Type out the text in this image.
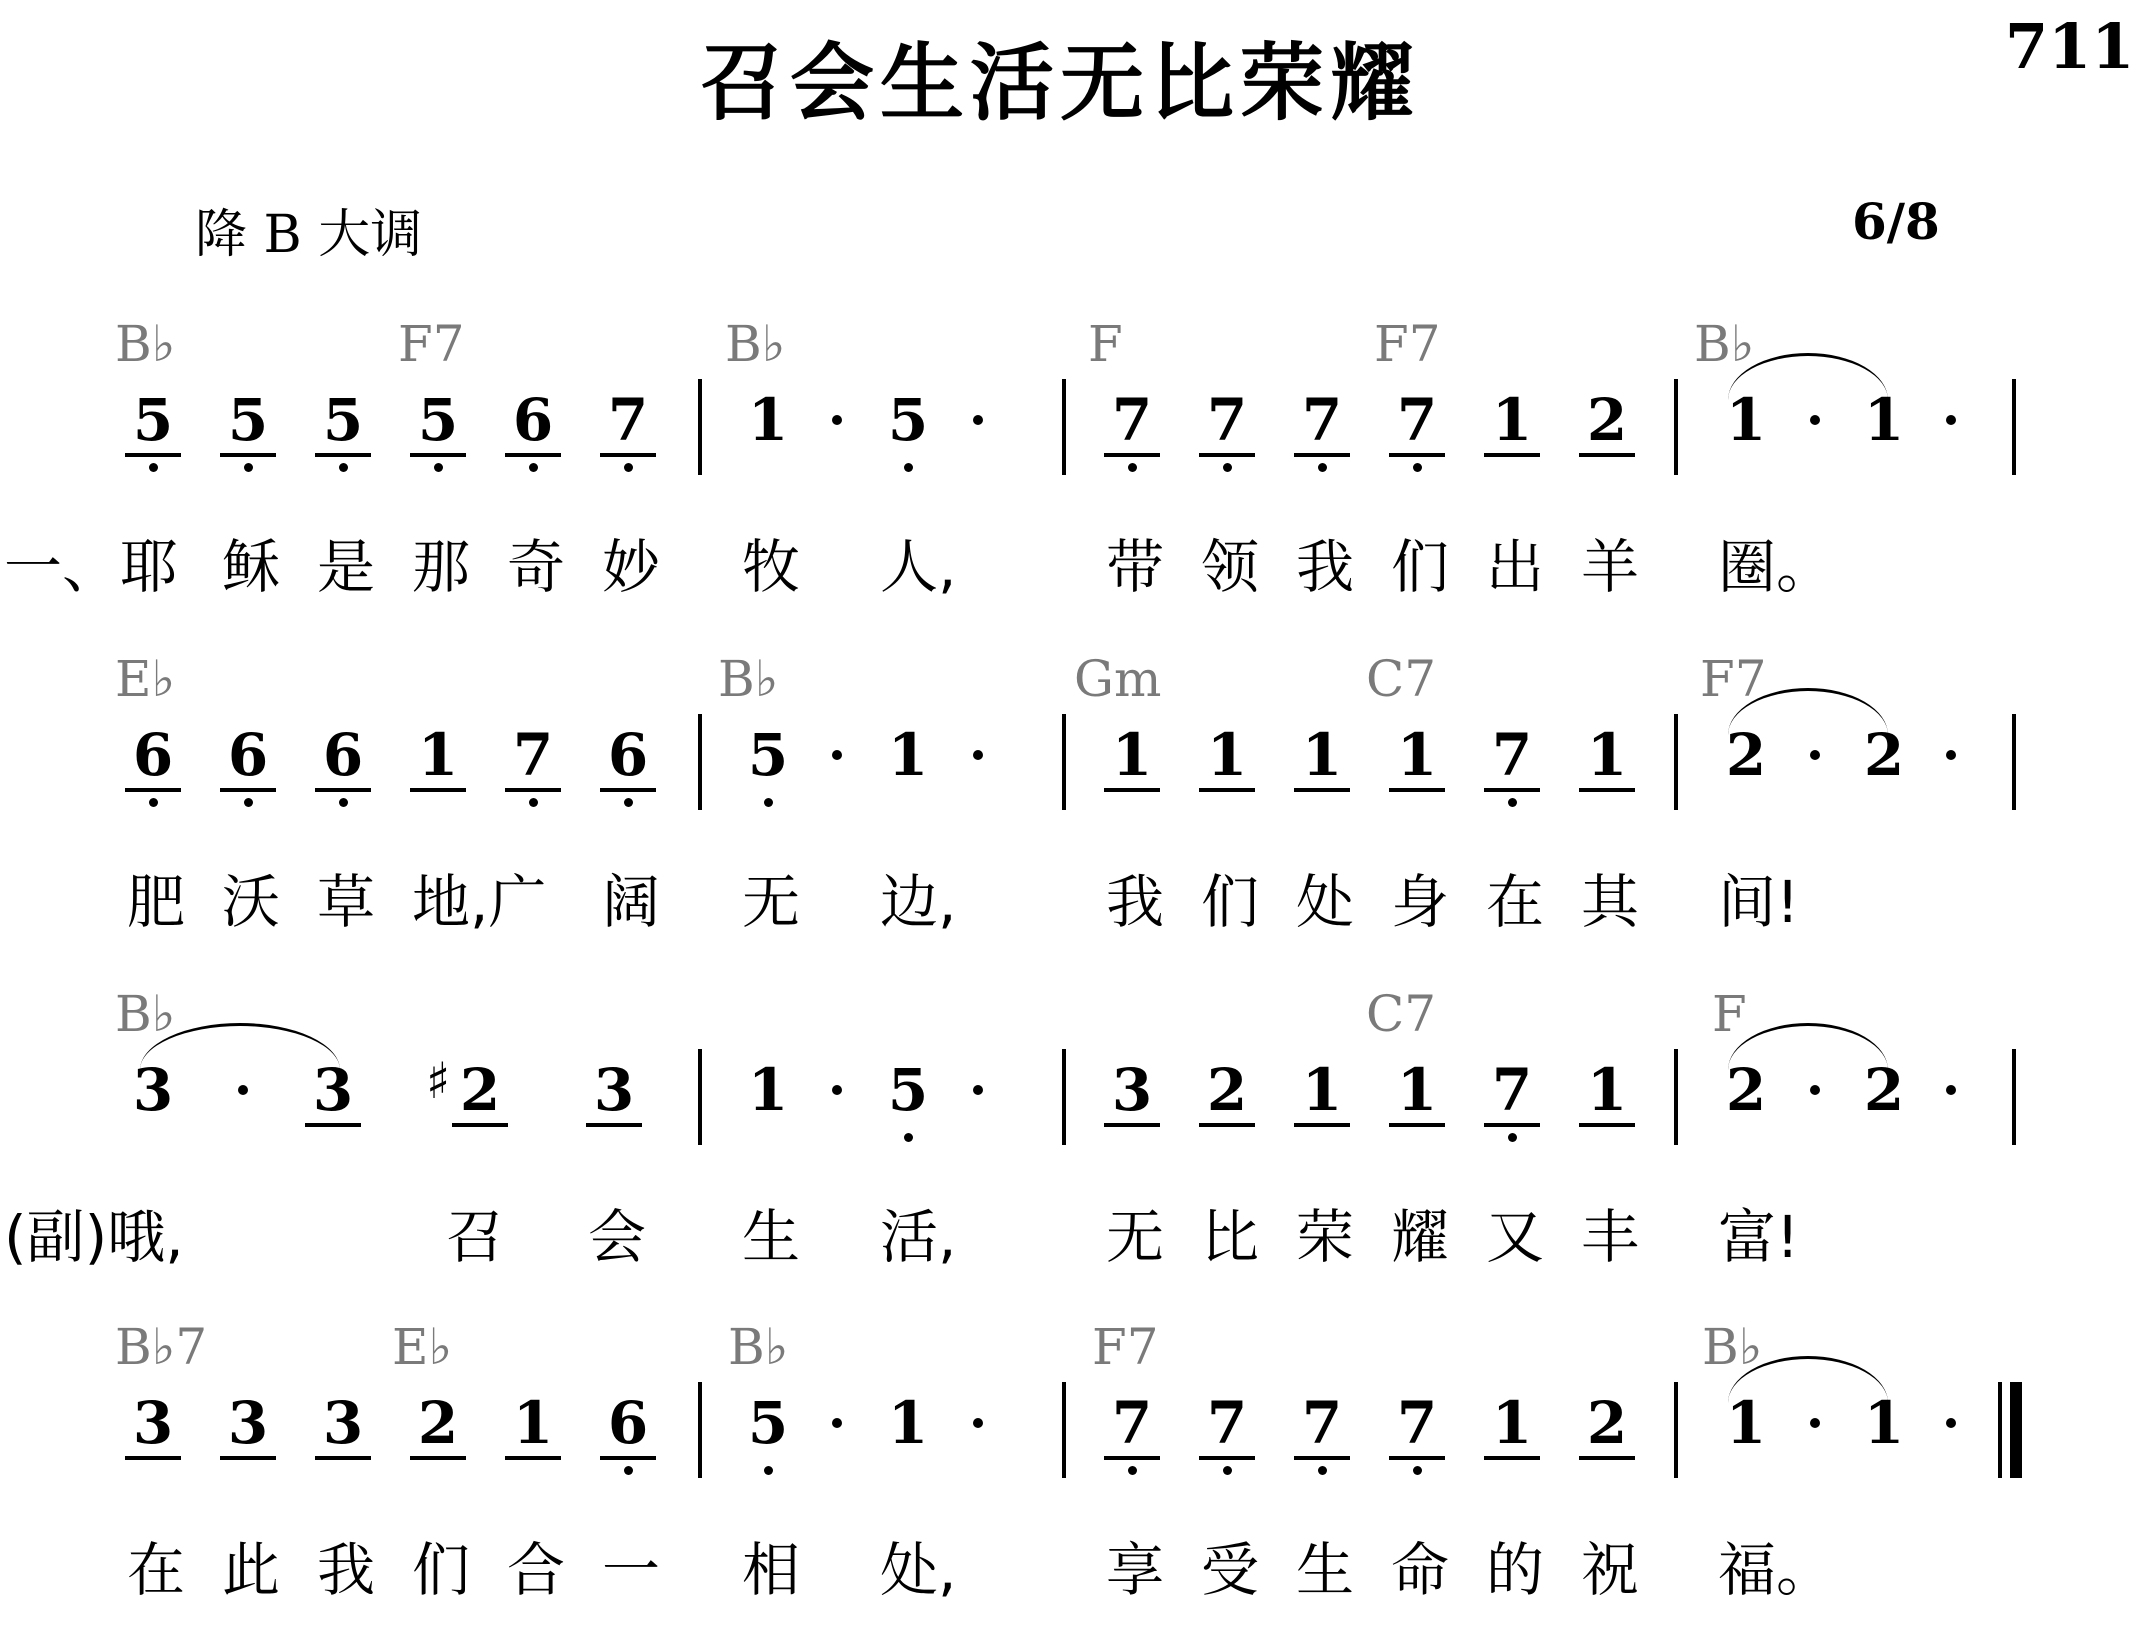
召会生活无比荣耀	711
降 B 大调	6/8
B♭	F7	B♭	F	F7	B♭
5 5 5 5 6 7 1 5	7 7 7 7 1 2 1 1
一、耶 稣 是 那 奇 妙 牧 人,	带 领 我 们 出 羊 圈。
E♭	B♭	Gm	C7	F7
6 6 6 1 7 6 5 1	1 1 1 1 7 1 2 2
肥 沃 草 地,广 阔 无 边,	我 们 处 身 在 其 间!
B♭	C7	F
3 3 ♯ 2 3 1 5	3 2 1 1 7 1 2 2
(副)哦,	召 会 生 活,	无 比 荣 耀 又 丰 富!
B♭7	E♭	B♭	F7	B♭
3 3 3 2 1 6 5 1	7 7 7 7 1 2 1 1
在 此 我 们 合 一 相 处,	享 受 生 命 的 祝 福。
